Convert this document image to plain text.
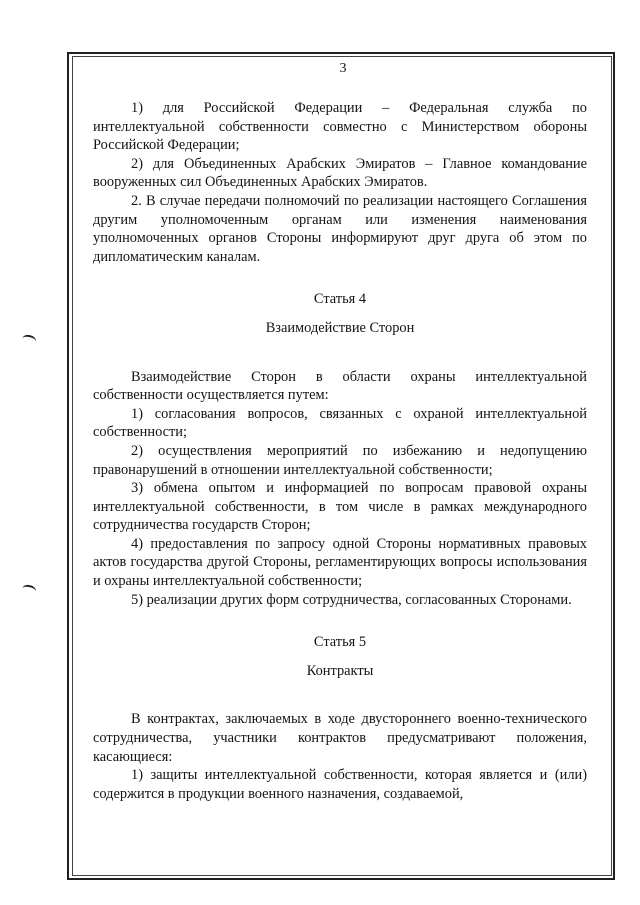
3

1) для Российской Федерации – Федеральная служба по интеллектуальной собственности совместно с Министерством обороны Российской Федерации;

2) для Объединенных Арабских Эмиратов – Главное командование вооруженных сил Объединенных Арабских Эмиратов.

2. В случае передачи полномочий по реализации настоящего Соглашения другим уполномоченным органам или изменения наименования уполномоченных органов Стороны информируют друг друга об этом по дипломатическим каналам.

Статья 4

Взаимодействие Сторон

Взаимодействие Сторон в области охраны интеллектуальной собственности осуществляется путем:

1) согласования вопросов, связанных с охраной интеллектуальной собственности;

2) осуществления мероприятий по избежанию и недопущению правонарушений в отношении интеллектуальной собственности;

3) обмена опытом и информацией по вопросам правовой охраны интеллектуальной собственности, в том числе в рамках международного сотрудничества государств Сторон;

4) предоставления по запросу одной Стороны нормативных правовых актов государства другой Стороны, регламентирующих вопросы использования и охраны интеллектуальной собственности;

5) реализации других форм сотрудничества, согласованных Сторонами.

Статья 5

Контракты

В контрактах, заключаемых в ходе двустороннего военно-технического сотрудничества, участники контрактов предусматривают положения, касающиеся:

1) защиты интеллектуальной собственности, которая является и (или) содержится в продукции военного назначения, создаваемой,
